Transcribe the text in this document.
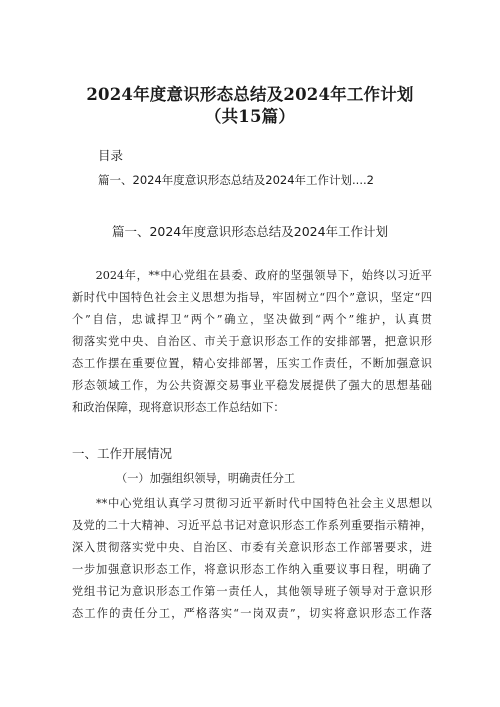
2024年度意识形态总结及2024年工作计划
（共15篇）
目录
篇一、2024年度意识形态总结及2024年工作计划....2
篇一、2024年度意识形态总结及2024年工作计划
　　2024年，**中心党组在县委、政府的坚强领导下，始终以习近平
新时代中国特色社会主义思想为指导，牢固树立“四个”意识，坚定“四
个”自信，忠诚捍卫“两个”确立，坚决做到“两个”维护，认真贯
彻落实党中央、自治区、市关于意识形态工作的安排部署，把意识形
态工作摆在重要位置，精心安排部署，压实工作责任，不断加强意识
形态领域工作，为公共资源交易事业平稳发展提供了强大的思想基础
和政治保障，现将意识形态工作总结如下：
一、工作开展情况
（一）加强组织领导，明确责任分工
　　**中心党组认真学习贯彻习近平新时代中国特色社会主义思想以
及党的二十大精神、习近平总书记对意识形态工作系列重要指示精神，
深入贯彻落实党中央、自治区、市委有关意识形态工作部署要求，进
一步加强意识形态工作，将意识形态工作纳入重要议事日程，明确了
党组书记为意识形态工作第一责任人，其他领导班子领导对于意识形
态工作的责任分工，严格落实“一岗双责”，切实将意识形态工作落
